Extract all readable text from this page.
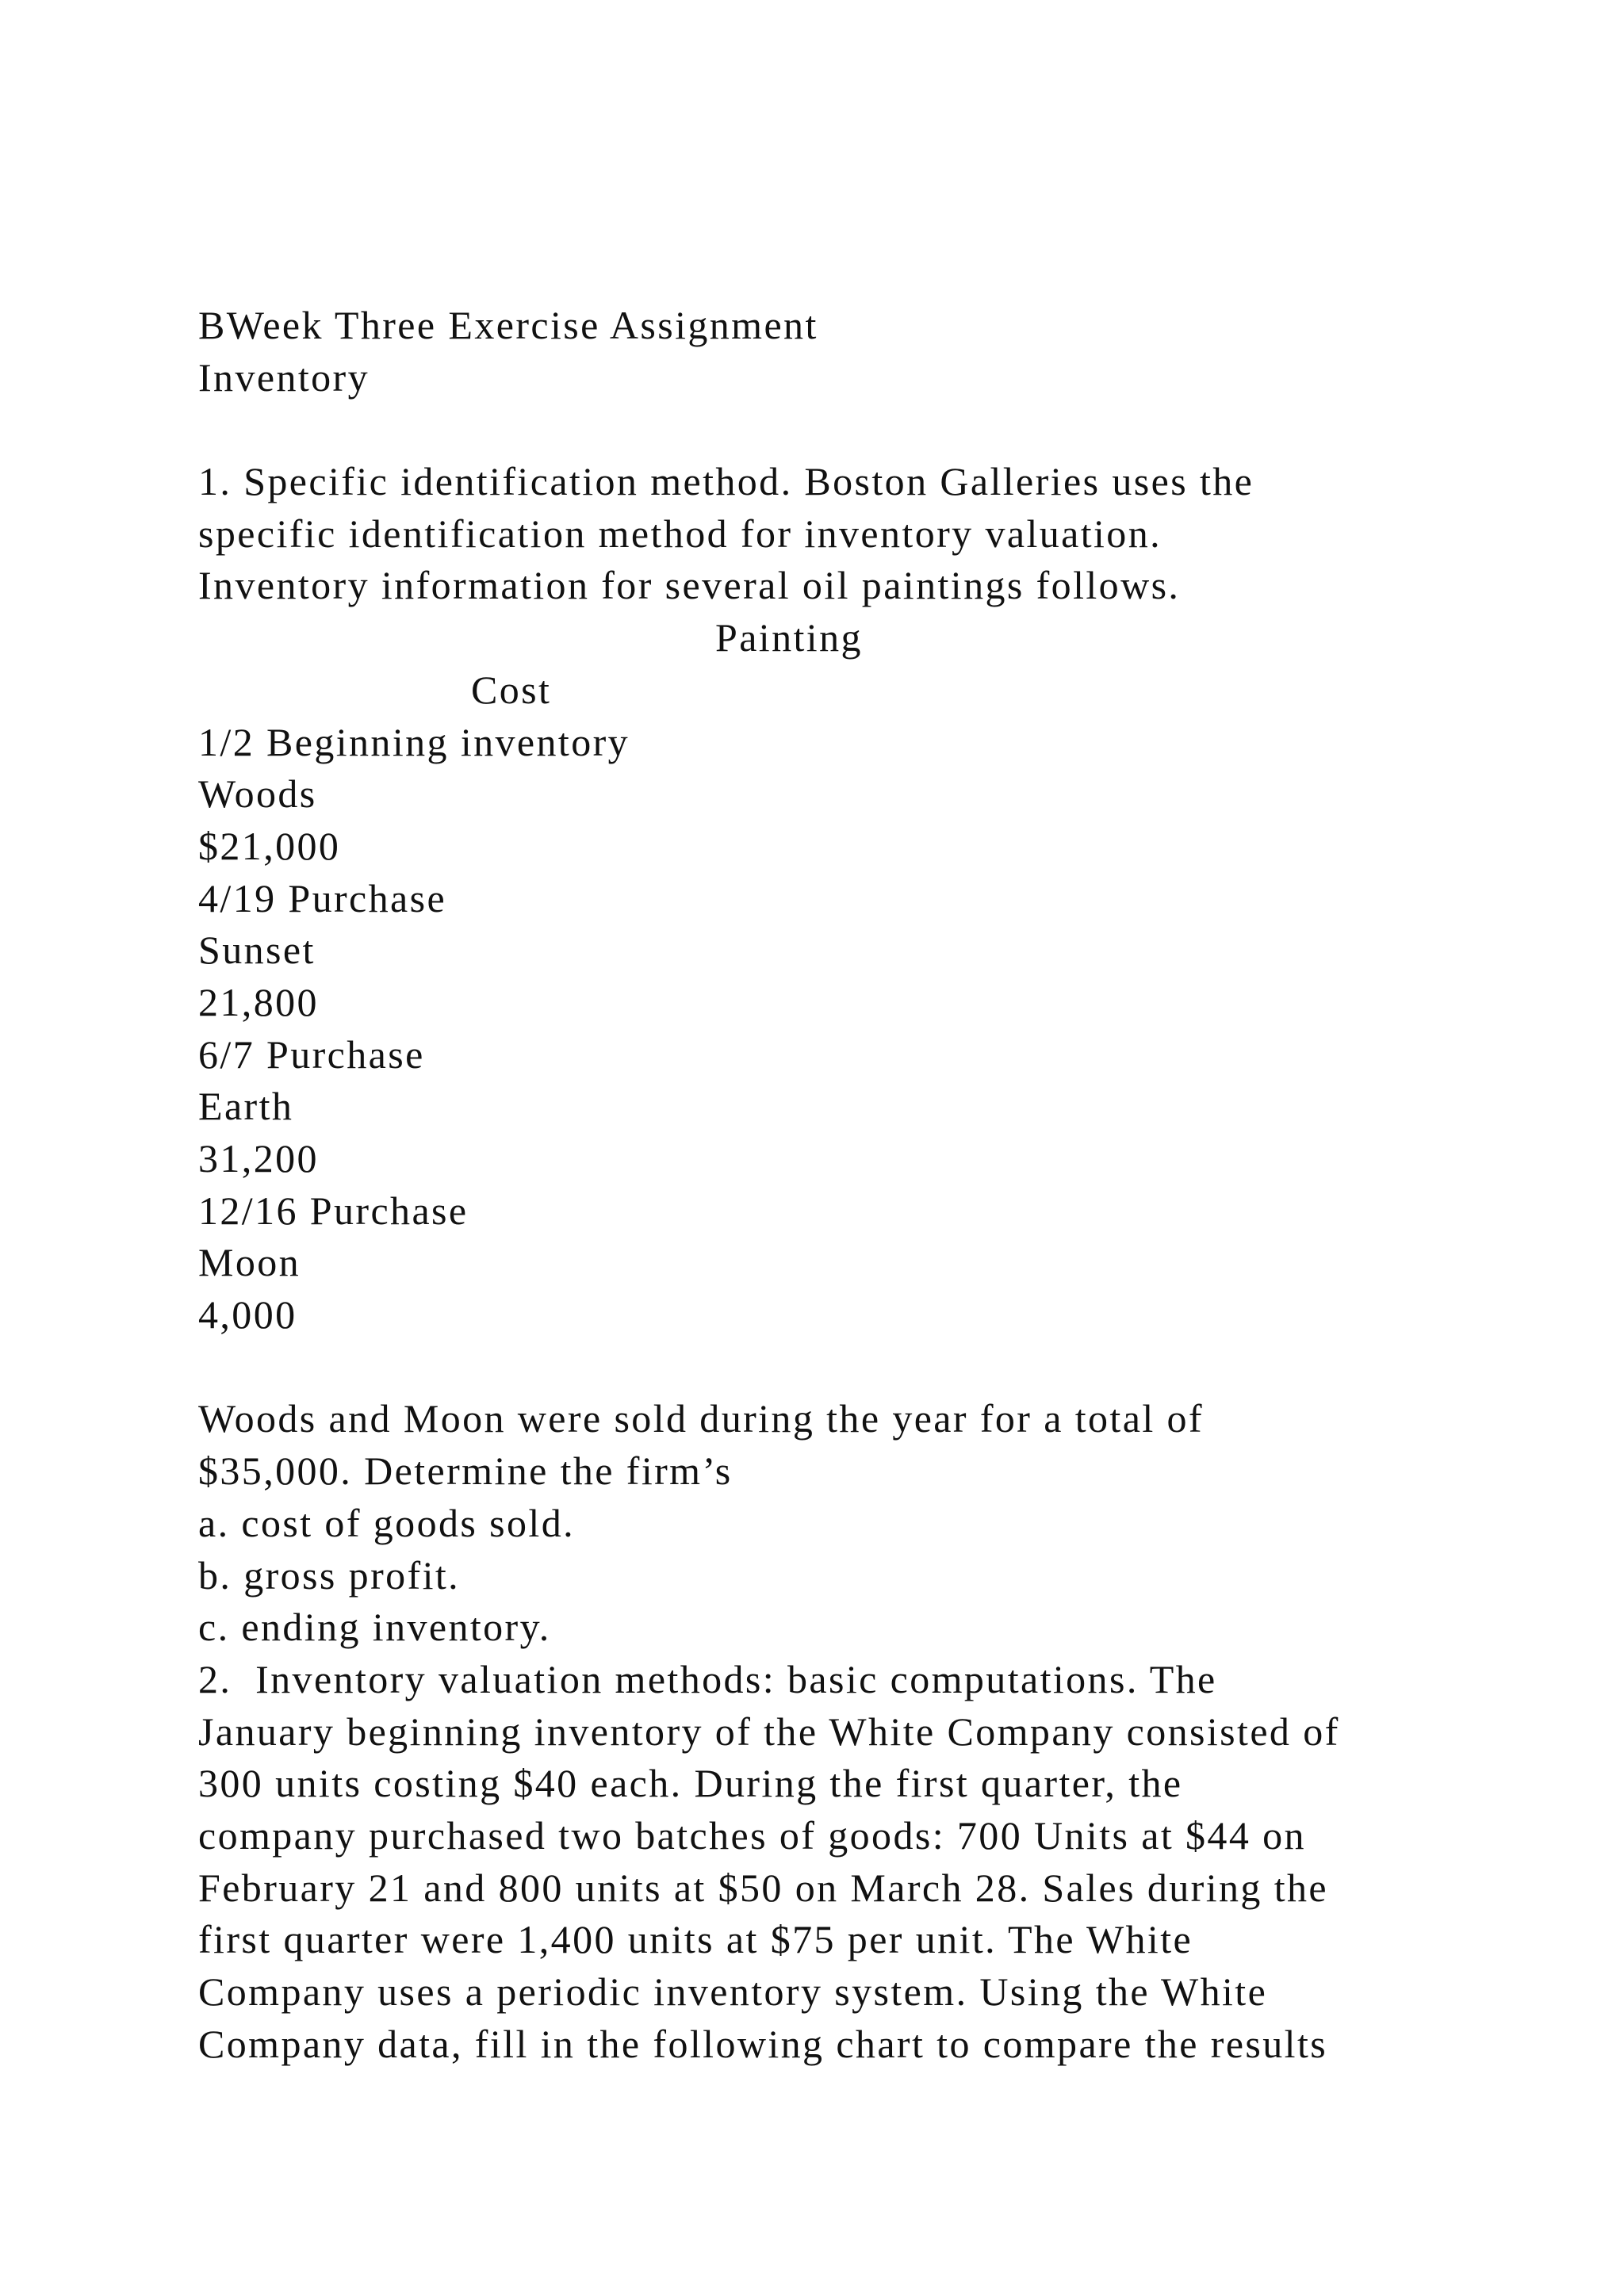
BWeek Three Exercise Assignment
Inventory
1. Specific identification method. Boston Galleries uses the
specific identification method for inventory valuation.
Inventory information for several oil paintings follows.
Painting
Cost
1/2 Beginning inventory
Woods
$21,000
4/19 Purchase
Sunset
21,800
6/7 Purchase
Earth
31,200
12/16 Purchase
Moon
4,000
Woods and Moon were sold during the year for a total of
$35,000. Determine the firm’s
a. cost of goods sold.
b. gross profit.
c. ending inventory.
2.  Inventory valuation methods: basic computations. The
January beginning inventory of the White Company consisted of
300 units costing $40 each. During the first quarter, the
company purchased two batches of goods: 700 Units at $44 on
February 21 and 800 units at $50 on March 28. Sales during the
first quarter were 1,400 units at $75 per unit. The White
Company uses a periodic inventory system. Using the White
Company data, fill in the following chart to compare the results
